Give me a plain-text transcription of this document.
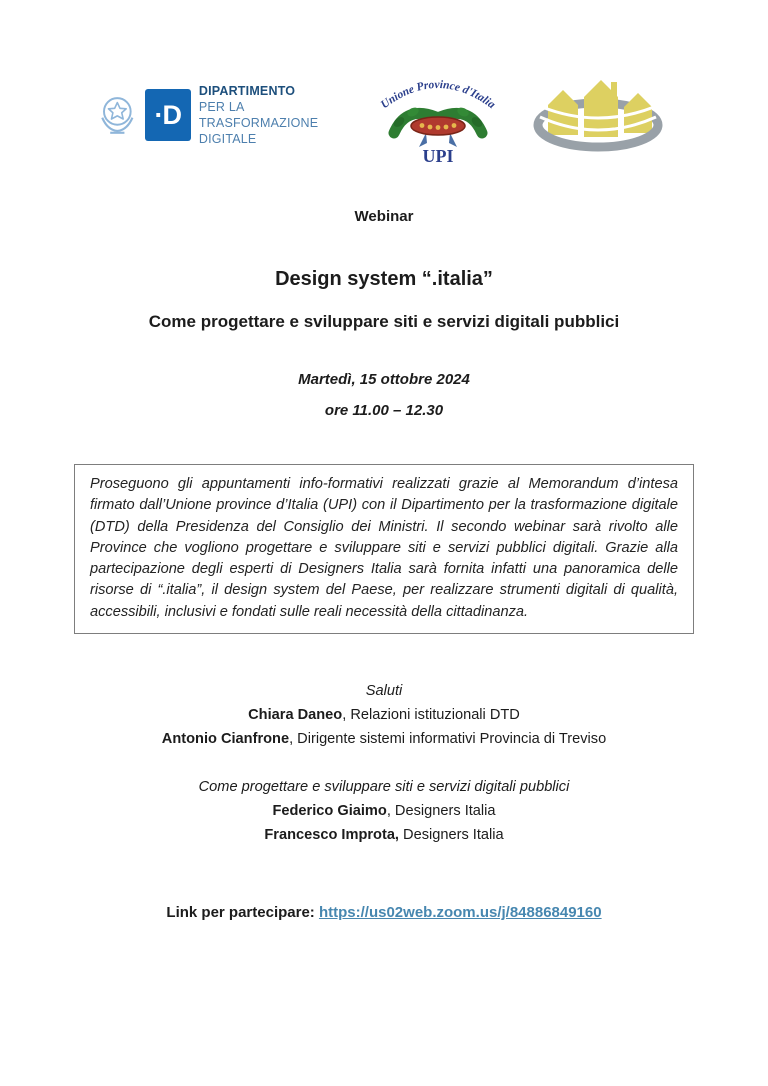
·D
DIPARTIMENTO
PER LA TRASFORMAZIONE
DIGITALE
Unione Province d'Italia
UPI
Webinar
Design system “.italia”
Come progettare e sviluppare siti e servizi digitali pubblici
Martedì, 15 ottobre 2024
ore 11.00 – 12.30

Proseguono gli appuntamenti info-formativi realizzati grazie al Memorandum d’intesa firmato dall’Unione province d’Italia (UPI) con il Dipartimento per la trasformazione digitale (DTD) della Presidenza del Consiglio dei Ministri. Il secondo webinar sarà rivolto alle Province che vogliono progettare e sviluppare siti e servizi pubblici digitali. Grazie alla partecipazione degli esperti di Designers Italia sarà fornita infatti una panoramica delle risorse di “.italia”, il design system del Paese, per realizzare strumenti digitali di qualità, accessibili, inclusivi e fondati sulle reali necessità della cittadinanza.

Saluti
Chiara Daneo, Relazioni istituzionali DTD
Antonio Cianfrone, Dirigente sistemi informativi Provincia di Treviso
Come progettare e sviluppare siti e servizi digitali pubblici
Federico Giaimo, Designers Italia
Francesco Improta, Designers Italia
Link per partecipare: https://us02web.zoom.us/j/84886849160
